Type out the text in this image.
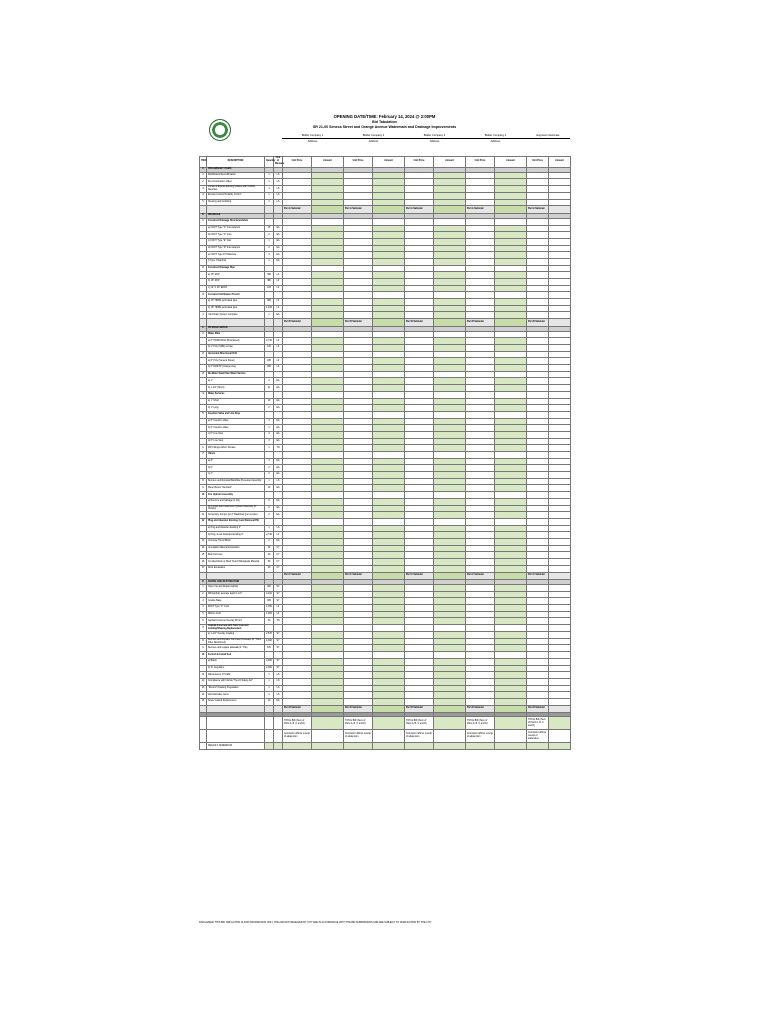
OPENING DATE/TIME: February 14, 2024 @ 2:00PM
Bid Tabulation
SR 21-00 Seneca Street and Orange Avenue Watermain and Drainage Improvements
Bidder Company 1
Address
Bidder Company 2
Address
Bidder Company 3
Address
Bidder Company 4
Address
Engineer's Estimate
ITEM	DESCRIPTION	Quantity	Unit of Measure	Unit Price	Amount	Unit Price	Amount	Unit Price	Amount	Unit Price	Amount	Unit Price	Amount
A	PRELIMINARY ITEMS												
1	Mobilization/Demobilization	1	LS										
2	Pre-Construction Video	1	LS										
3	Locate & Expose Existing Utilities with Conflict Sketches	1	LS										
4	Erosion Control/Turbidity Control	1	LS										
5	Clearing and Grubbing	1	LS										
				Part A Subtotal		Part A Subtotal		Part A Subtotal		Part A Subtotal		Part A Subtotal	
B	DRAINAGE												
1	Construct Drainage Structures/Inlets												
	a) FDOT Type "C" Inlet w/apron	15	EA										
	b) FDOT Type "C" Inlet	2	EA										
	c) FDOT Type "E" Inlet	1	EA										
	d) FDOT Type "D" Inlet w/apron	2	EA										
	e) FDOT Type P-5 Manhole	3	EA										
	f) Type J Manhole	1	EA										
2	Construct Drainage Pipe												
	a) 15" RCP	390	LF										
	b) 18" RCP	380	LF										
	c) 14" X 23" ERCP	103	LF										
3	Construct Exfiltration Trench												
	a) 15" HDPE perforated pipe	380	LF										
	b) 18" HDPE perforated pipe	1,160	LF										
4	Yard Drain System Complete	1	EA										
				Part B Subtotal		Part B Subtotal		Part B Subtotal		Part B Subtotal		Part B Subtotal	
C	POTABLE WATER												
1	Water Main												
	a) 8" HDPE DR11 (Restrained)	2,740	LF										
	b) 2" Poly (SDR) service	120	LF										
2	Horizontal Directional Drill												
	a) 8" Poly (Seneca Street)	180	LF										
	b) 6" DR9 PP (Orange Ave)	300	LF										
3	Re-Meter Small Size Water Service												
	a) 1"	2	EA										
	b) 1-1/2" (Short)	11	EA										
4	Water Services												
	a) 1" Short	10	EA										
	b) 1" Long	2	EA										
5	Insertion Valve and Line Stop												
	a) 8" Insertion Valve	3	EA										
	b) 6" Insertion Valve	1	EA										
	c) 8" Line Stop	3	EA										
	d) 6" Line Stop	3	EA										
6	DIP Fittings Ashmr Strokes	1	TN										
7	Valves												
	a) 8"	3	EA										
	b) 6"	2	EA										
	c) 2"	2	EA										
8	Remove and Reinstall Backflow Preventer Assembly	1	LS										
9	Meter Boxes "Set Ears"	10	EA										
10	Fire Hydrant Assembly												
	a) Remove and Salvage to City	6	EA										
	b) Furnish and Install Fire Hydrant Assembly (6" Outlets)	6	EA										
11	Temporary Jumper (w/ 2" Backflow) (per service)	2	EA										
12	Plug and Abandon Existing 4 and Removal Pilt												
	a) Plug and Abandon Existing 4"	1	LS										
	b) Plug, Grout Abandon Existing 6"	2,740	LF										
13	Concrete Thrust Block	2	EA										
14	Unsuitable Material Excavation	50	CY										
15	Bulk Concrete	10	CY										
16	Crushed Rock or Shell Trench Backgrade Material	50	CY										
17	Rock Excavation	20	CY										
				Part C Subtotal		Part C Subtotal		Part C Subtotal		Part C Subtotal		Part C Subtotal	
D	PAVING AND RESTORATION												
1	Open Cut and Repair Asphalt	300	SY										
2	Mill Asphalt, average depth 1-1/4"	4,210	SY										
3	Granite Base	300	SY										
4	FDOT Type "F" Curb	1,000	LF										
5	Ribbon Curb	1,000	LF										
6	Asphalt Concrete Overlay SP-9.5	30	TN										
7	Asphalt Concrete with Tack Coat and Grading/Shaping Replacement												
	a) 1-1/2" Overlay Grading	2,570	SY										
8	Remove and Replace Concrete Driveways (6" Thick Fiber Reinforced)	1,600	SY										
9	Remove and replace sidewalk (4" Thk)	670	SY										
10	Furnish & Install Sod												
	a) Bahia	2,000	SY										
	b) St. Augustine	2,000	SY										
11	Maintenance of Traffic	1	LS										
12	Compliance with Florida "Trench Safety Act"	1	LS										
13	"Record" Drawing Preparation	1	LS										
14	Administrative Items	1	LS										
15	Sewer Lateral Replacement	10	EA										
				Part D Subtotal		Part D Subtotal		Part D Subtotal		Part D Subtotal		Part D Subtotal	

				TOTAL BID (Sum of Parts A, B, C and D)		TOTAL BID (Sum of Parts A, B, C and D)		TOTAL BID (Sum of Parts A, B, C and D)		TOTAL BID (Sum of Parts A, B, C and D)		TOTAL BID (Sum of Parts A, B, C and D)	
				Contractor affirms receipt of addendum		Contractor affirms receipt of addendum		Contractor affirms receipt of addendum		Contractor affirms receipt of addendum		Contractor affirms receipt of addendum	
	DEFAULT ADDENDUM												
DISCLAIMER: THIS BID TABULATION IS FOR INFORMATION ONLY. THE AMOUNT RECEIVED BY CITY ARE IN ACCORDANCE WITH THE BID SUBMISSIONS AND ARE SUBJECT TO VERIFICATION BY THE CITY.
